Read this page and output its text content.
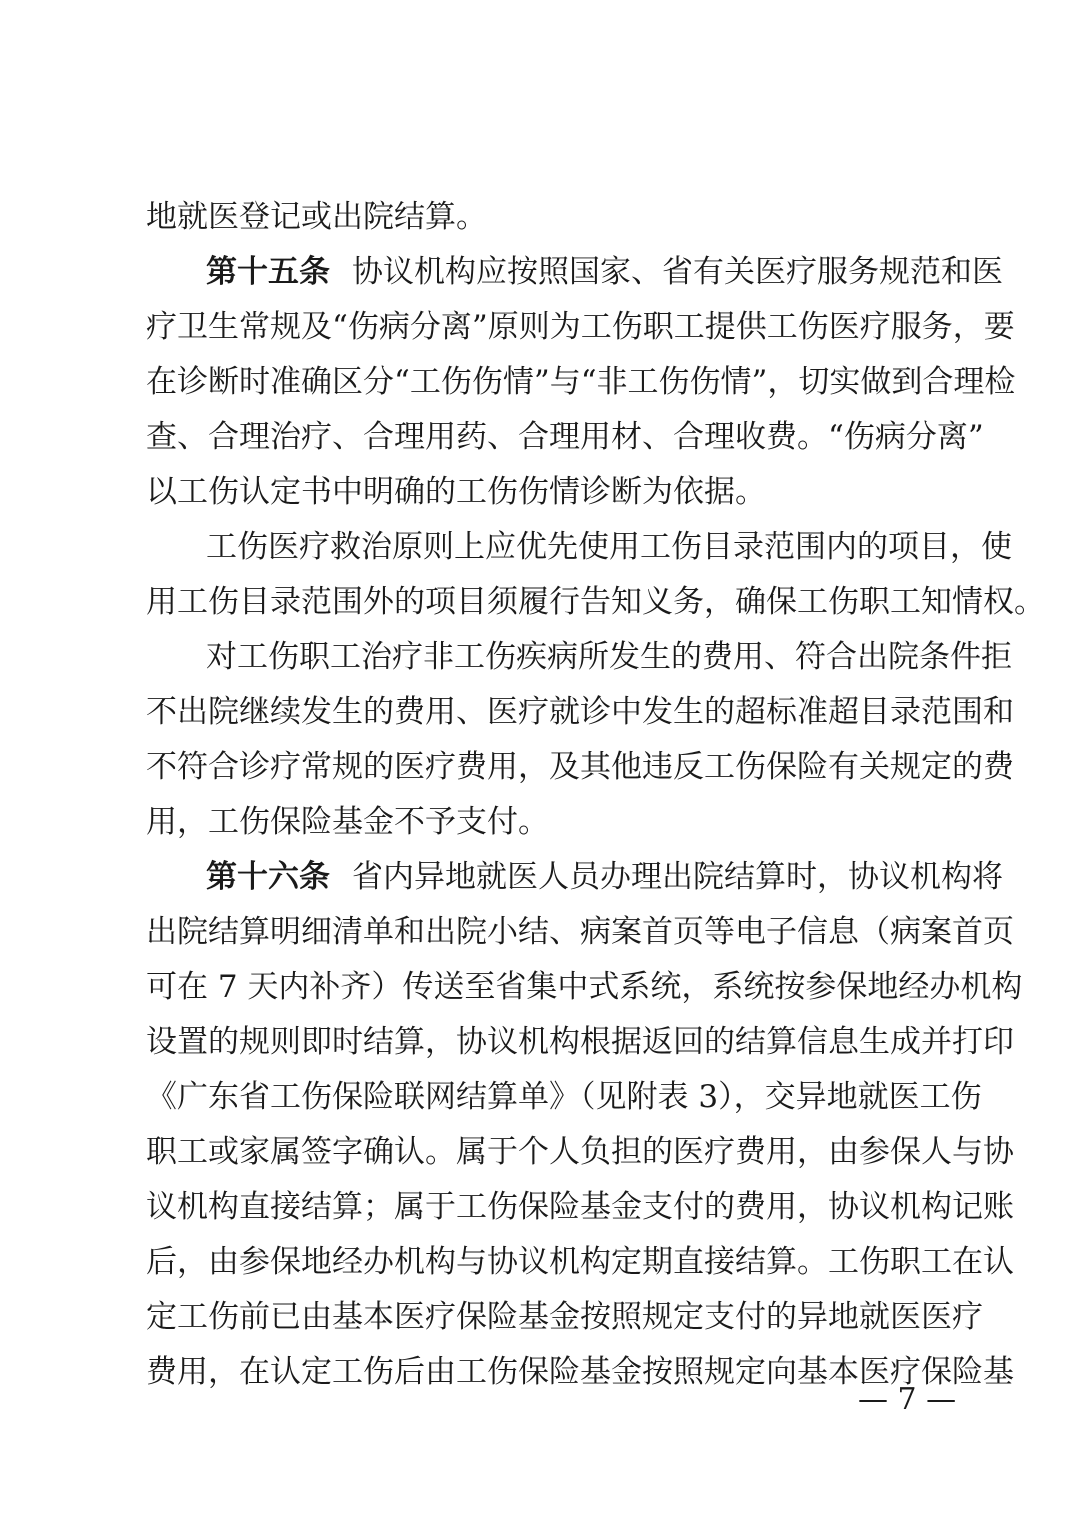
地就医登记或出院结算。
第十五条 协议机构应按照国家、省有关医疗服务规范和医
疗卫生常规及“伤病分离”原则为工伤职工提供工伤医疗服务，要
在诊断时准确区分“工伤伤情”与“非工伤伤情”，切实做到合理检
查、合理治疗、合理用药、合理用材、合理收费。“伤病分离”
以工伤认定书中明确的工伤伤情诊断为依据。
工伤医疗救治原则上应优先使用工伤目录范围内的项目，使
用工伤目录范围外的项目须履行告知义务，确保工伤职工知情权。
对工伤职工治疗非工伤疾病所发生的费用、符合出院条件拒
不出院继续发生的费用、医疗就诊中发生的超标准超目录范围和
不符合诊疗常规的医疗费用，及其他违反工伤保险有关规定的费
用，工伤保险基金不予支付。
第十六条 省内异地就医人员办理出院结算时，协议机构将
出院结算明细清单和出院小结、病案首页等电子信息（病案首页
可在 7 天内补齐）传送至省集中式系统，系统按参保地经办机构
设置的规则即时结算，协议机构根据返回的结算信息生成并打印
《广东省工伤保险联网结算单》（见附表 3），交异地就医工伤
职工或家属签字确认。属于个人负担的医疗费用，由参保人与协
议机构直接结算；属于工伤保险基金支付的费用，协议机构记账
后，由参保地经办机构与协议机构定期直接结算。工伤职工在认
定工伤前已由基本医疗保险基金按照规定支付的异地就医医疗
费用，在认定工伤后由工伤保险基金按照规定向基本医疗保险基
— 7 —
